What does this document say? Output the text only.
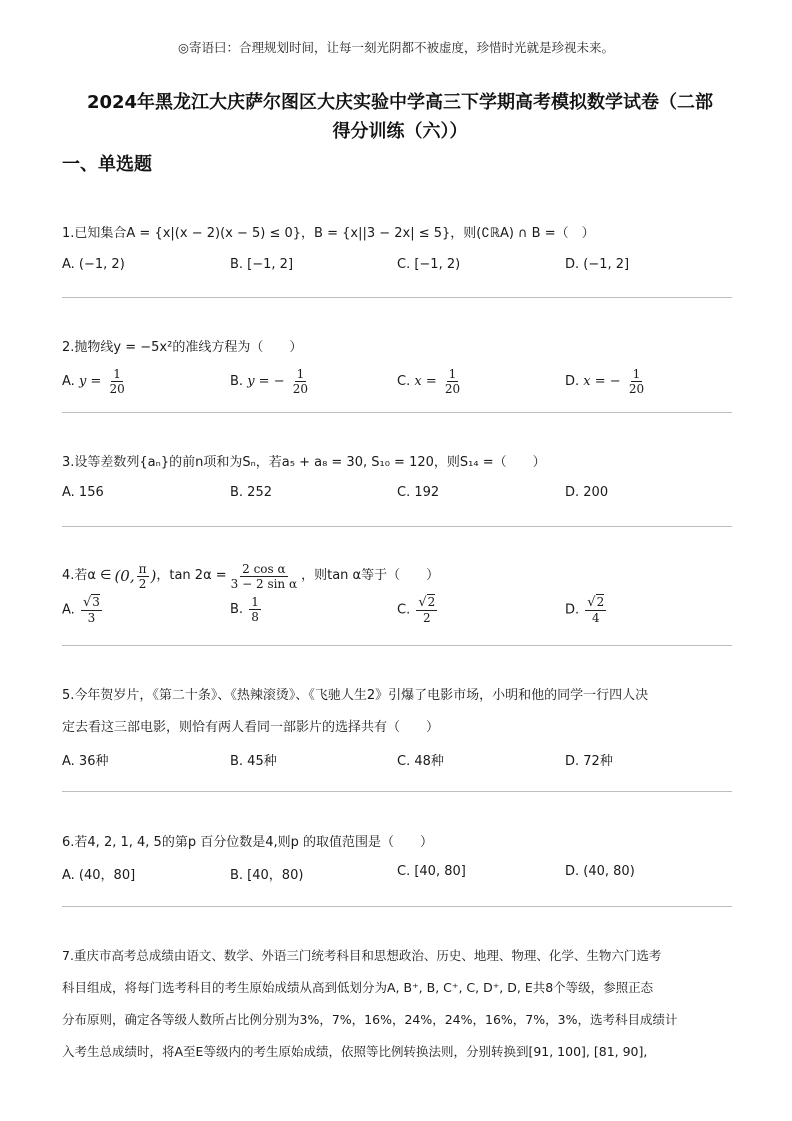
◎寄语曰：合理规划时间，让每一刻光阴都不被虚度，珍惜时光就是珍视未来。
2024年黑龙江大庆萨尔图区大庆实验中学高三下学期高考模拟数学试卷（二部
得分训练（六））
一、单选题
1.已知集合A = {x|(x − 2)(x − 5) ≤ 0}，B = {x||3 − 2x| ≤ 5}，则(∁ℝA) ∩ B =（　）
A. (−1, 2)	B. [−1, 2]	C. [−1, 2)	D. (−1, 2]
2.抛物线y = −5x²的准线方程为（　　）
A. $y = \frac{1}{20}$	B. y = − $\frac{1}{20}$	C. $x = \frac{1}{20}$	D. x = − $\frac{1}{20}$
3.设等差数列{aₙ}的前n项和为Sₙ，若a₅ + a₈ = 30, S₁₀ = 120，则S₁₄ =（　　）
A. 156	B. 252	C. 192	D. 200
4.若α ∈ (0, $\frac{\pi}{2}$ ) ，$\tan 2\alpha = \frac{\text{2 cos α}}{\text{3 − 2 sin α}}$ ，则tan α等于（　　）
A. $\frac{√3}{3}$	B. $\frac{1}{8}$	C. $\frac{√2}{2}$	D. $\frac{√2}{4}$
5.今年贺岁片，《第二十条》、《热辣滚烫》、《飞驰人生2》引爆了电影市场，小明和他的同学一行四人决
定去看这三部电影，则恰有两人看同一部影片的选择共有（　　）
A. 36种	B. 45种	C. 48种	D. 72种
6.若4, 2, 1, 4, 5的第p 百分位数是4,则p 的取值范围是（　　）
A. (40，80]	B. [40，80)	C. [40, 80]	D. (40, 80)
7.重庆市高考总成绩由语文、数学、外语三门统考科目和思想政治、历史、地理、物理、化学、生物六门选考
科目组成，将每门选考科目的考生原始成绩从高到低划分为A, B⁺, B, C⁺, C, D⁺, D, E共8个等级，参照正态
分布原则，确定各等级人数所占比例分别为3%，7%，16%，24%，24%，16%，7%，3%，选考科目成绩计
入考生总成绩时，将A至E等级内的考生原始成绩，依照等比例转换法则，分别转换到[91, 100], [81, 90],
